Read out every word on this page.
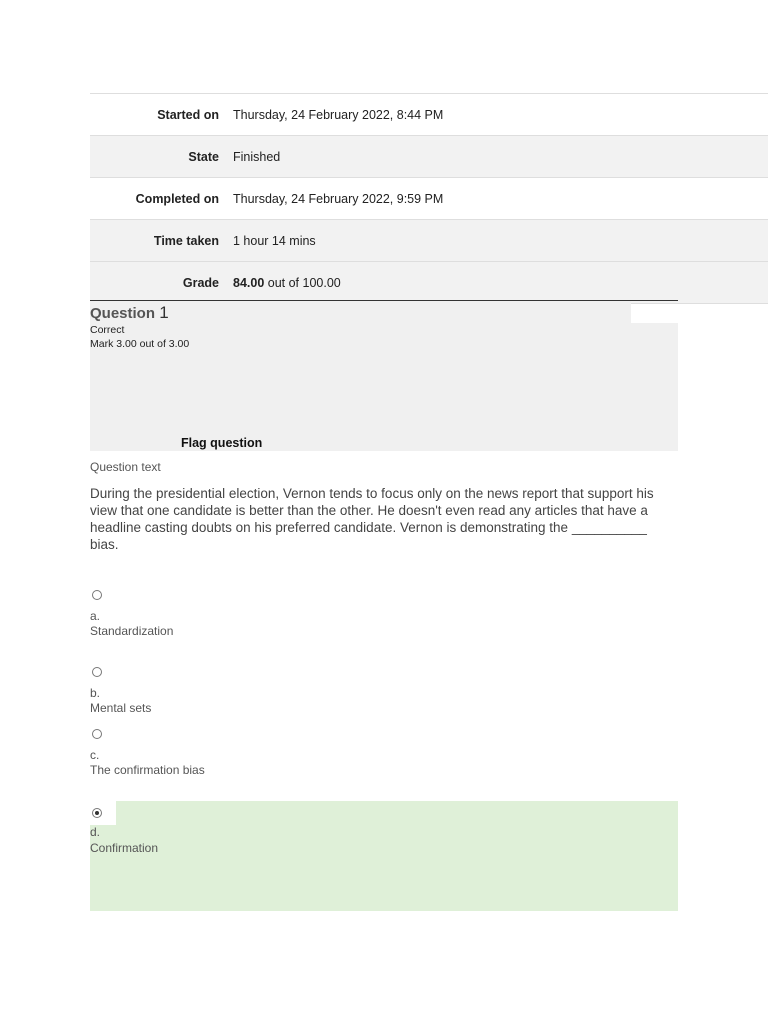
Started on	Thursday, 24 February 2022, 8:44 PM
State	Finished
Completed on	Thursday, 24 February 2022, 9:59 PM
Time taken	1 hour 14 mins
Grade	84.00 out of 100.00
Question 1
Correct
Mark 3.00 out of 3.00
Flag question
Question text
During the presidential election, Vernon tends to focus only on the news report that support his view that one candidate is better than the other. He doesn't even read any articles that have a headline casting doubts on his preferred candidate. Vernon is demonstrating the __________ bias.
a.
Standardization
b.
Mental sets
c.
The confirmation bias
d.
Confirmation
